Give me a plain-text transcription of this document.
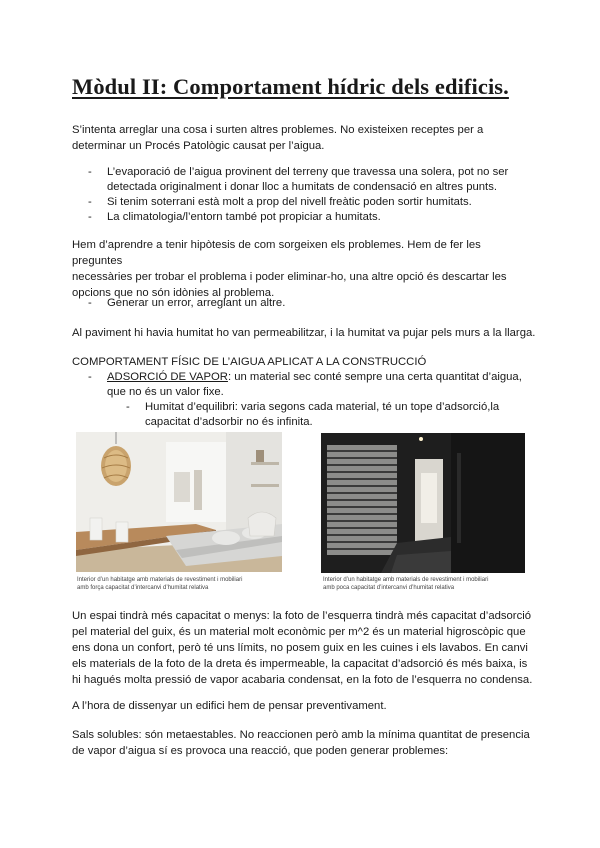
Mòdul II: Comportament hídric dels edificis.

S’intenta arreglar una cosa i surten altres problemes. No existeixen receptes per a
determinar un Procés Patològic causat per l’aigua.

-	L’evaporació de l’aigua provinent del terreny que travessa una solera, pot no ser
detectada originalment i donar lloc a humitats de condensació en altres punts.
-	Si tenim soterrani està molt a prop del nivell freàtic poden sortir humitats.
-	La climatologia/l’entorn també pot propiciar a humitats.

Hem d’aprendre a tenir hipòtesis de com sorgeixen els problemes. Hem de fer les preguntes
necessàries per trobar el problema i poder eliminar-ho, una altre opció és descartar les
opcions que no són idònies al problema.

-	Generar un error, arreglant un altre.

Al paviment hi havia humitat ho van permeabilitzar, i la humitat va pujar pels murs a la llarga.

COMPORTAMENT FÍSIC DE L’AIGUA APLICAT A LA CONSTRUCCIÓ

-	ADSORCIÓ DE VAPOR: un material sec conté sempre una certa quantitat d’aigua,
que no és un valor fixe.
-	Humitat d’equilibri: varia segons cada material, té un tope d’adsorció,la
capacitat d’adsorbir no és infinita.

Interior d’un habitatge amb materials de revestiment i mobiliari
amb força capacitat d’intercanvi d’humitat relativa

Interior d’un habitatge amb materials de revestiment i mobiliari
amb poca capacitat d’intercanvi d’humitat relativa

Un espai tindrà més capacitat o menys: la foto de l’esquerra tindrà més capacitat d’adsorció
pel material del guix, és un material molt econòmic per m^2 és un material higroscòpic que
ens dona un confort, però té uns límits, no posem guix en les cuines i els lavabos. En canvi
els materials de la foto de la dreta és impermeable, la capacitat d’adsorció és més baixa, is
hi hagués molta pressió de vapor acabaria condensat, en la foto de l’esquerra no condensa.

A l’hora de dissenyar un edifici hem de pensar preventivament.

Sals solubles: són metaestables. No reaccionen però amb la mínima quantitat de presencia
de vapor d’aigua sí es provoca una reacció, que poden generar problemes:
